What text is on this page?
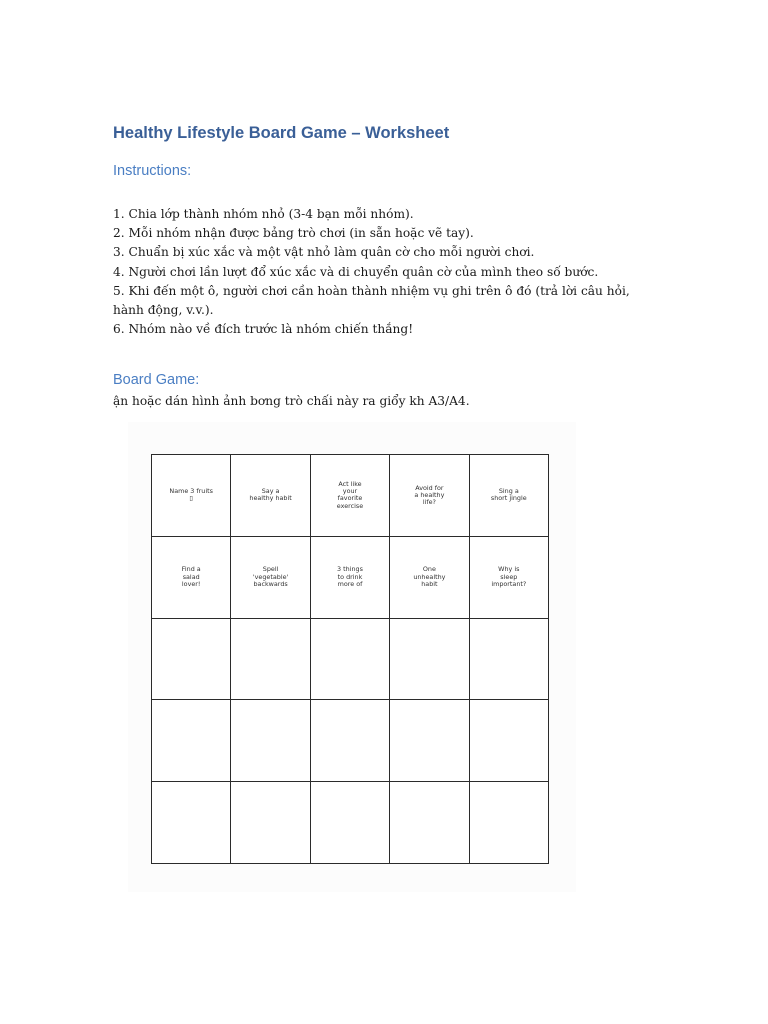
Healthy Lifestyle Board Game – Worksheet
Instructions:
1. Chia lớp thành nhóm nhỏ (3-4 bạn mỗi nhóm).
2. Mỗi nhóm nhận được bảng trò chơi (in sẵn hoặc vẽ tay).
3. Chuẩn bị xúc xắc và một vật nhỏ làm quân cờ cho mỗi người chơi.
4. Người chơi lần lượt đổ xúc xắc và di chuyển quân cờ của mình theo số bước.
5. Khi đến một ô, người chơi cần hoàn thành nhiệm vụ ghi trên ô đó (trả lời câu hỏi, hành động, v.v.).
6. Nhóm nào về đích trước là nhóm chiến thắng!
Board Game:
ận hoặc dán hình ảnh bơng trò chấi này ra giổy kh A3/A4.
Name 3 fruits ▯
Say a
healthy habit
Act like
your
favorite
exercise
Avoid for
a healthy
life?
Sing a
short jingle
Find a
salad
lover!
Spell
'vegetable'
backwards
3 things
to drink
more of
One
unhealthy
habit
Why is
sleep
important?
